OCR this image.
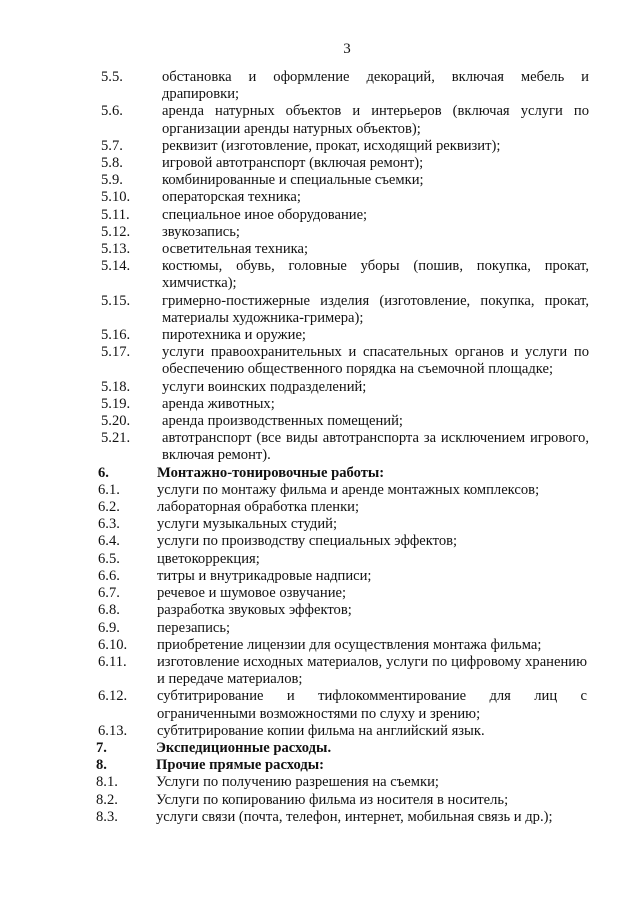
3
5.5.	обстановка и оформление декораций, включая мебель и драпировки;
5.6.	аренда натурных объектов и интерьеров (включая услуги по организации аренды натурных объектов);
5.7.	реквизит (изготовление, прокат, исходящий реквизит);
5.8.	игровой автотранспорт (включая ремонт);
5.9.	комбинированные и специальные съемки;
5.10.	операторская техника;
5.11.	специальное иное оборудование;
5.12.	звукозапись;
5.13.	осветительная техника;
5.14.	костюмы, обувь, головные уборы (пошив, покупка, прокат, химчистка);
5.15.	гримерно-постижерные изделия (изготовление, покупка, прокат, материалы художника-гримера);
5.16.	пиротехника и оружие;
5.17.	услуги правоохранительных и спасательных органов и услуги по обеспечению общественного порядка на съемочной площадке;
5.18.	услуги воинских подразделений;
5.19.	аренда животных;
5.20.	аренда производственных помещений;
5.21.	автотранспорт (все виды автотранспорта за исключением игрового, включая ремонт).
6.	Монтажно-тонировочные работы:
6.1.	услуги по монтажу фильма и аренде монтажных комплексов;
6.2.	лабораторная обработка пленки;
6.3.	услуги музыкальных студий;
6.4.	услуги по производству специальных эффектов;
6.5.	цветокоррекция;
6.6.	титры и внутрикадровые надписи;
6.7.	речевое и шумовое озвучание;
6.8.	разработка звуковых эффектов;
6.9.	перезапись;
6.10.	приобретение лицензии для осуществления монтажа фильма;
6.11.	изготовление исходных материалов, услуги по цифровому хранению и передаче материалов;
6.12.	субтитрирование и тифлокомментирование для лиц с ограниченными возможностями по слуху и зрению;
6.13.	субтитрирование копии фильма на английский язык.
7.	Экспедиционные расходы.
8.	Прочие прямые расходы:
8.1.	Услуги по получению разрешения на съемки;
8.2.	Услуги по копированию фильма из носителя в носитель;
8.3.	услуги связи (почта, телефон, интернет, мобильная связь и др.);
